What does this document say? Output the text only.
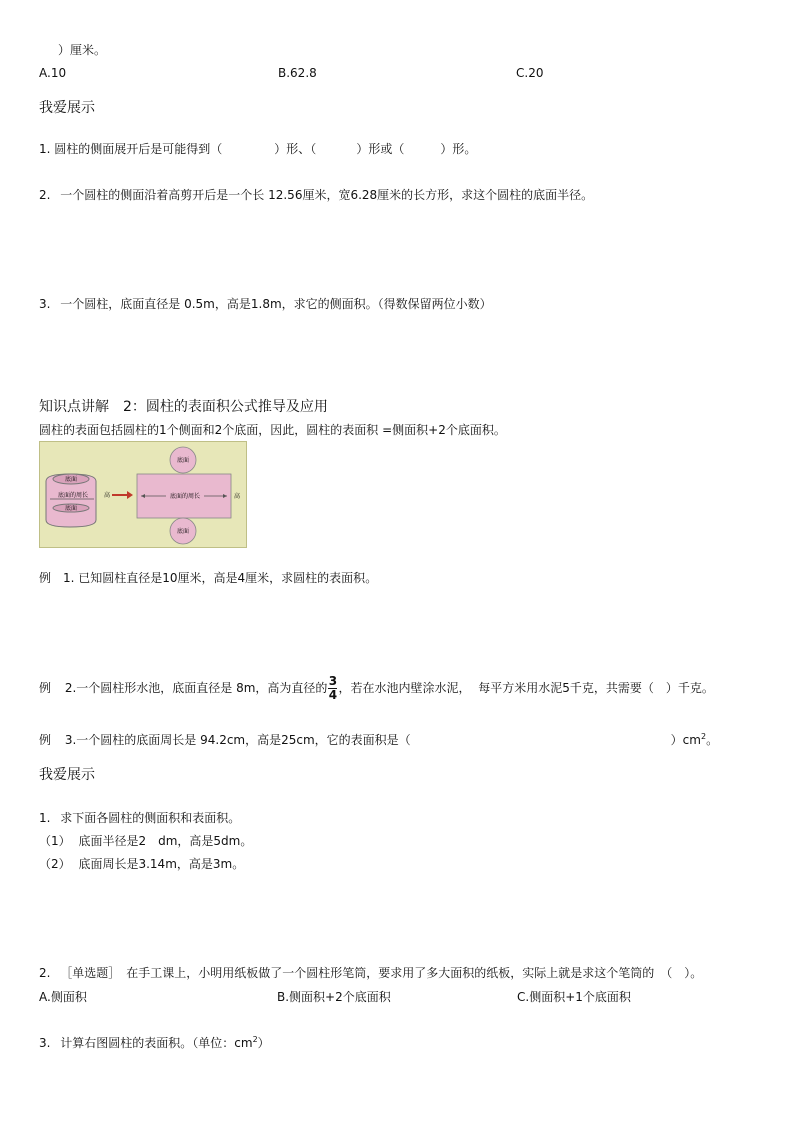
）厘米。
A.10	B.62.8	C.20
我爱展示
1. 圆柱的侧面展开后是可能得到（	）形、（	）形或（	）形。
2. 一个圆柱的侧面沿着高剪开后是一个长 12.56厘米，宽6.28厘米的长方形，求这个圆柱的底面半径。
3. 一个圆柱，底面直径是 0.5m，高是1.8m，求它的侧面积。（得数保留两位小数）
知识点讲解　2：圆柱的表面积公式推导及应用
圆柱的表面包括圆柱的1个侧面和2个底面，因此，圆柱的表面积 =侧面积+2个底面积。
底面
底面的周长
底面
高
底面
底面的周长	高
底面
例　1. 已知圆柱直径是10厘米，高是4厘米，求圆柱的表面积。
例 2.一个圆柱形水池，底面直径是 8m，高为直径的 $\frac{3}{4}$ ，若在水池内壁涂水泥， 每平方米用水泥5千克，共需要（　）千克。
例 3.一个圆柱的底面周长是 94.2cm，高是25cm，它的表面积是（	）$cm^2$。
我爱展示
1. 求下面各圆柱的侧面积和表面积。
（1） 底面半径是2　dm，高是5dm。
（2） 底面周长是3.14m，高是3m。
2. ［单选题］　在手工课上，小明用纸板做了一个圆柱形笔筒，要求用了多大面积的纸板，实际上就是求这个笔筒的　（　）。
A.侧面积	B.侧面积+2个底面积	C.侧面积+1个底面积
3. 计算右图圆柱的表面积。（单位：$cm^2$）
